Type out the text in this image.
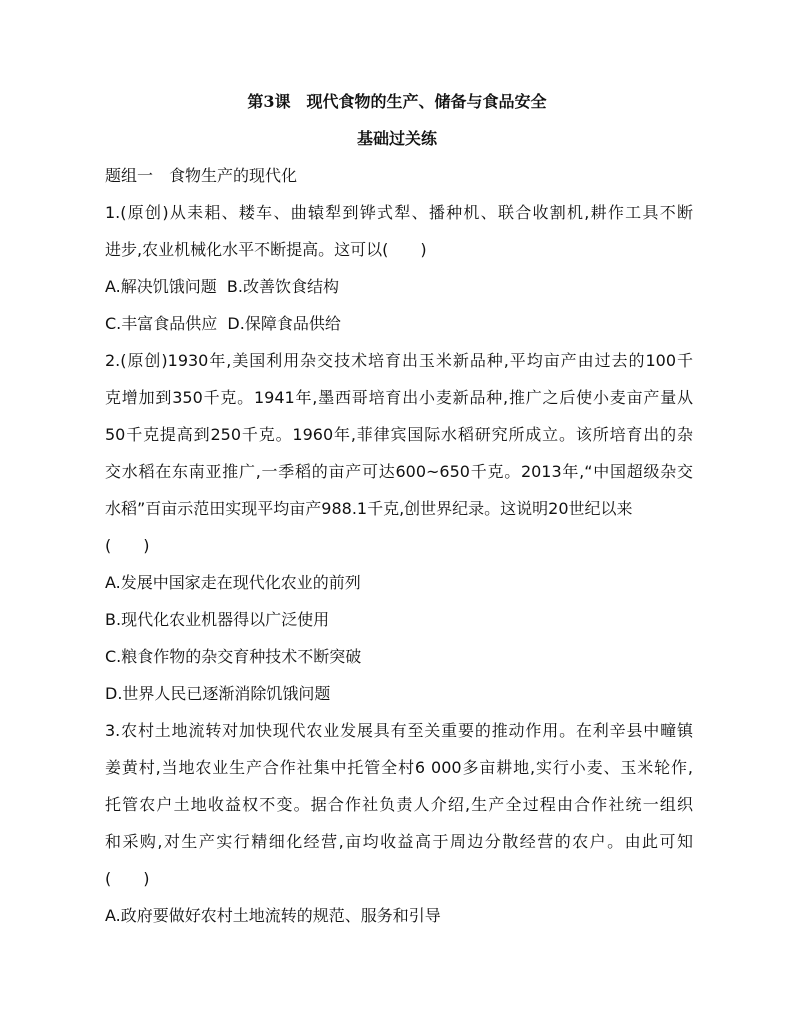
第3课　现代食物的生产、储备与食品安全
基础过关练
题组一　食物生产的现代化
1.(原创)从耒耜、耧车、曲辕犁到铧式犁、播种机、联合收割机,耕作工具不断
进步,农业机械化水平不断提高。这可以(　　)
A.解决饥饿问题  B.改善饮食结构
C.丰富食品供应  D.保障食品供给
2.(原创)1930年,美国利用杂交技术培育出玉米新品种,平均亩产由过去的100千
克增加到350千克。1941年,墨西哥培育出小麦新品种,推广之后使小麦亩产量从
50千克提高到250千克。1960年,菲律宾国际水稻研究所成立。该所培育出的杂
交水稻在东南亚推广,一季稻的亩产可达600~650千克。2013年,“中国超级杂交
水稻”百亩示范田实现平均亩产988.1千克,创世界纪录。这说明20世纪以来
(　　)
A.发展中国家走在现代化农业的前列
B.现代化农业机器得以广泛使用
C.粮食作物的杂交育种技术不断突破
D.世界人民已逐渐消除饥饿问题
3.农村土地流转对加快现代农业发展具有至关重要的推动作用。在利辛县中疃镇
姜黄村,当地农业生产合作社集中托管全村6 000多亩耕地,实行小麦、玉米轮作,
托管农户土地收益权不变。据合作社负责人介绍,生产全过程由合作社统一组织
和采购,对生产实行精细化经营,亩均收益高于周边分散经营的农户。由此可知
(　　)
A.政府要做好农村土地流转的规范、服务和引导
